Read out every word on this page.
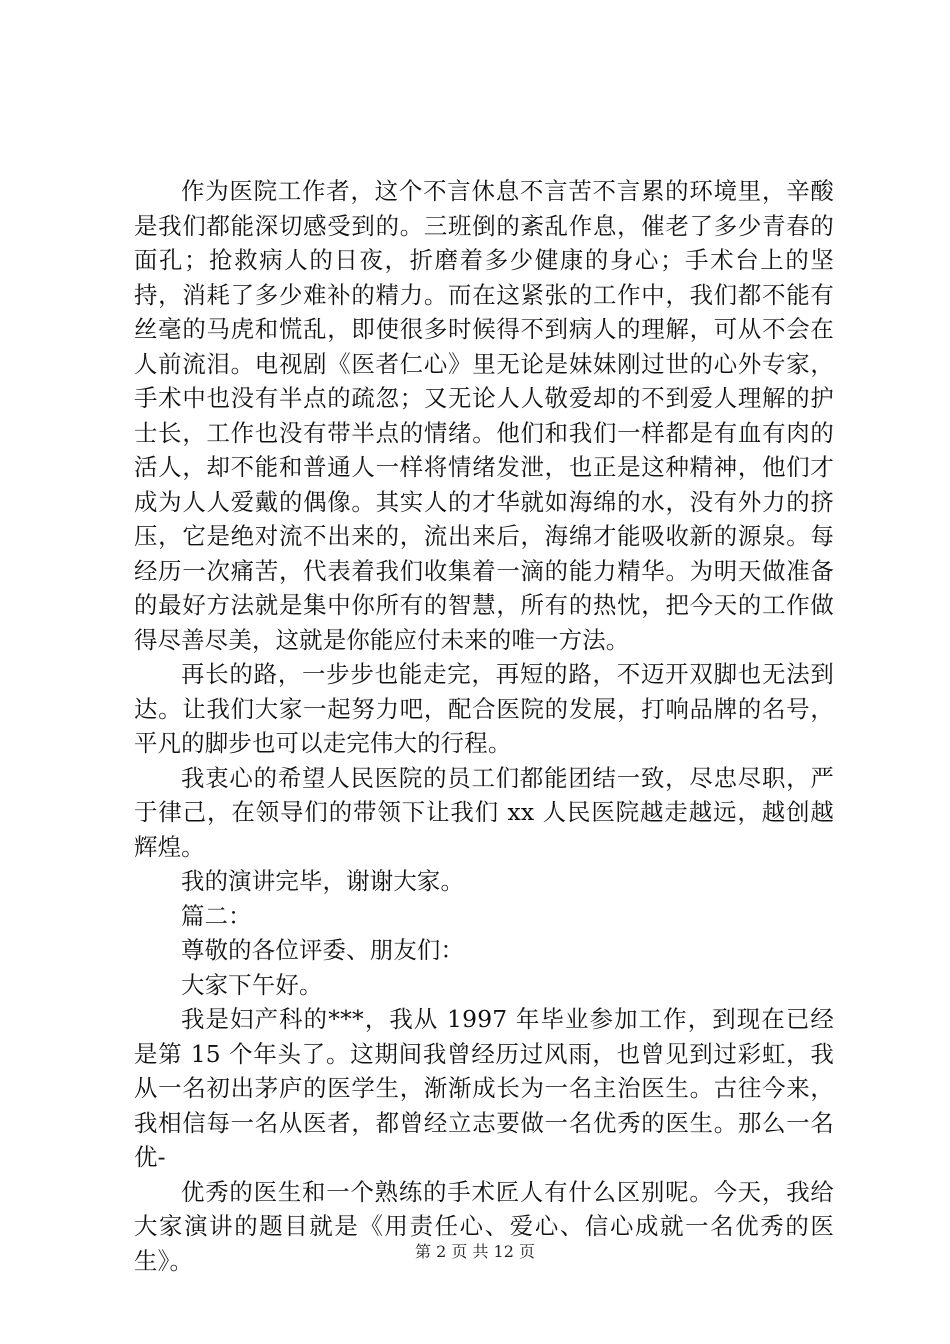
作为医院工作者，这个不言休息不言苦不言累的环境里，辛酸是我们都能深切感受到的。三班倒的紊乱作息，催老了多少青春的面孔；抢救病人的日夜，折磨着多少健康的身心；手术台上的坚持，消耗了多少难补的精力。而在这紧张的工作中，我们都不能有丝毫的马虎和慌乱，即使很多时候得不到病人的理解，可从不会在人前流泪。电视剧《医者仁心》里无论是妹妹刚过世的心外专家，手术中也没有半点的疏忽；又无论人人敬爱却的不到爱人理解的护士长，工作也没有带半点的情绪。他们和我们一样都是有血有肉的活人，却不能和普通人一样将情绪发泄，也正是这种精神，他们才成为人人爱戴的偶像。其实人的才华就如海绵的水，没有外力的挤压，它是绝对流不出来的，流出来后，海绵才能吸收新的源泉。每经历一次痛苦，代表着我们收集着一滴的能力精华。为明天做准备的最好方法就是集中你所有的智慧，所有的热忱，把今天的工作做得尽善尽美，这就是你能应付未来的唯一方法。

再长的路，一步步也能走完，再短的路，不迈开双脚也无法到达。让我们大家一起努力吧，配合医院的发展，打响品牌的名号，平凡的脚步也可以走完伟大的行程。

我衷心的希望人民医院的员工们都能团结一致，尽忠尽职，严于律己，在领导们的带领下让我们 xx 人民医院越走越远，越创越辉煌。

我的演讲完毕，谢谢大家。

篇二：

尊敬的各位评委、朋友们：

大家下午好。

我是妇产科的***，我从 1997 年毕业参加工作，到现在已经是第 15 个年头了。这期间我曾经历过风雨，也曾见到过彩虹，我从一名初出茅庐的医学生，渐渐成长为一名主治医生。古往今来，我相信每一名从医者，都曾经立志要做一名优秀的医生。那么一名优-

优秀的医生和一个熟练的手术匠人有什么区别呢。今天，我给大家演讲的题目就是《用责任心、爱心、信心成就一名优秀的医生》。	第 2 页 共 12 页
